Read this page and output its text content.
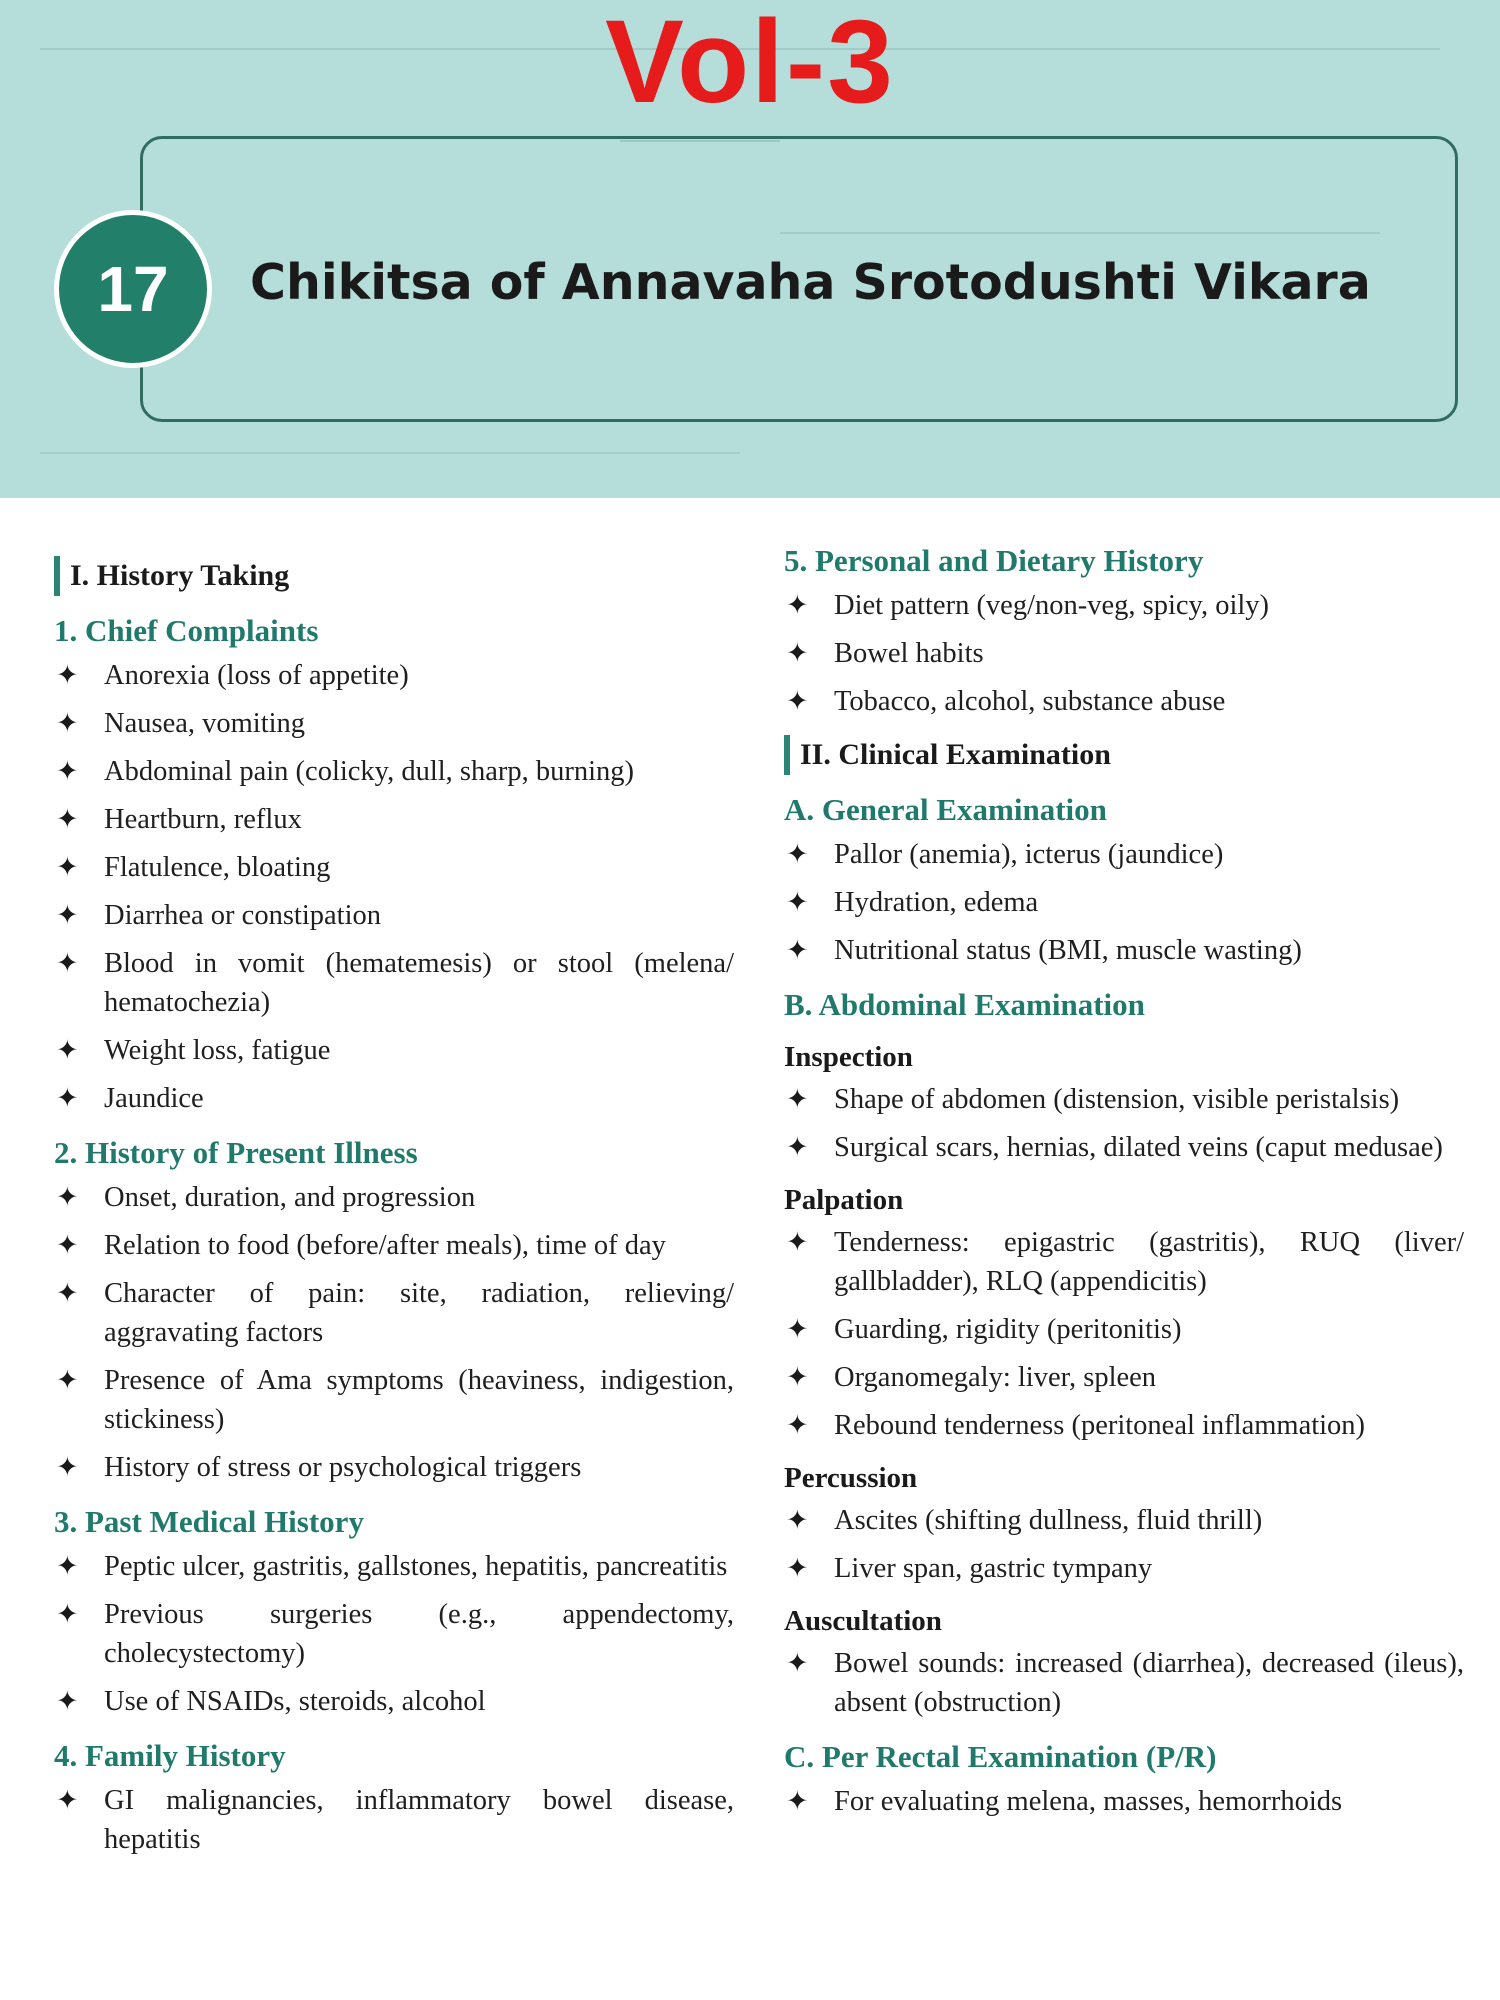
Vol-3
17	Chikitsa of Annavaha Srotodushti Vikara
I. History Taking
1. Chief Complaints
✦ Anorexia (loss of appetite)
✦ Nausea, vomiting
✦ Abdominal pain (colicky, dull, sharp, burning)
✦ Heartburn, reflux
✦ Flatulence, bloating
✦ Diarrhea or constipation
✦ Blood in vomit (hematemesis) or stool (melena/ hematochezia)
✦ Weight loss, fatigue
✦ Jaundice
2. History of Present Illness
✦ Onset, duration, and progression
✦ Relation to food (before/after meals), time of day
✦ Character of pain: site, radiation, relieving/ aggravating factors
✦ Presence of Ama symptoms (heaviness, indigestion, stickiness)
✦ History of stress or psychological triggers
3. Past Medical History
✦ Peptic ulcer, gastritis, gallstones, hepatitis, pancreatitis
✦ Previous surgeries (e.g., appendectomy, cholecystectomy)
✦ Use of NSAIDs, steroids, alcohol
4. Family History
✦ GI malignancies, inflammatory bowel disease, hepatitis
5. Personal and Dietary History
✦ Diet pattern (veg/non-veg, spicy, oily)
✦ Bowel habits
✦ Tobacco, alcohol, substance abuse
II. Clinical Examination
A. General Examination
✦ Pallor (anemia), icterus (jaundice)
✦ Hydration, edema
✦ Nutritional status (BMI, muscle wasting)
B. Abdominal Examination
Inspection
✦ Shape of abdomen (distension, visible peristalsis)
✦ Surgical scars, hernias, dilated veins (caput medusae)
Palpation
✦ Tenderness: epigastric (gastritis), RUQ (liver/ gallbladder), RLQ (appendicitis)
✦ Guarding, rigidity (peritonitis)
✦ Organomegaly: liver, spleen
✦ Rebound tenderness (peritoneal inflammation)
Percussion
✦ Ascites (shifting dullness, fluid thrill)
✦ Liver span, gastric tympany
Auscultation
✦ Bowel sounds: increased (diarrhea), decreased (ileus), absent (obstruction)
C. Per Rectal Examination (P/R)
✦ For evaluating melena, masses, hemorrhoids
